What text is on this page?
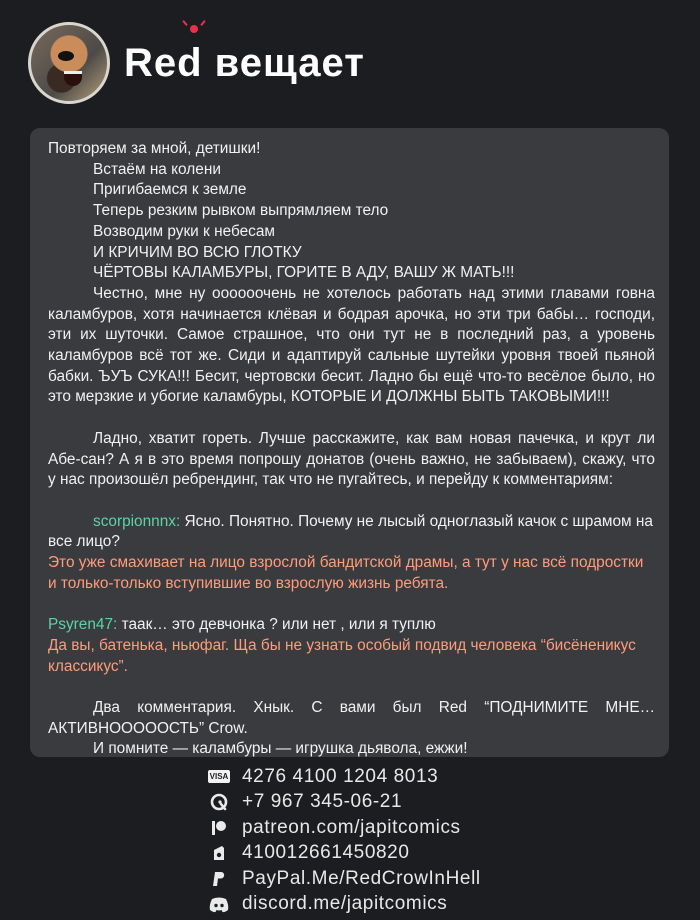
Red вещает

Повторяем за мной, детишки!

Встаём на колени

Пригибаемся к земле

Теперь резким рывком выпрямляем тело

Возводим руки к небесам

И КРИЧИМ ВО ВСЮ ГЛОТКУ

ЧЁРТОВЫ КАЛАМБУРЫ, ГОРИТЕ В АДУ, ВАШУ Ж МАТЬ!!!

Честно, мне ну оооооочень не хотелось работать над этими главами говна каламбуров, хотя начинается клёвая и бодрая арочка, но эти три бабы… господи, эти их шуточки. Самое страшное, что они тут не в последний раз, а уровень каламбуров всё тот же. Сиди и адаптируй сальные шутейки уровня твоей пьяной бабки. ЪУЪ СУКА!!! Бесит, чертовски бесит. Ладно бы ещё что-то весёлое было, но это мерзкие и убогие каламбуры, КОТОРЫЕ И ДОЛЖНЫ БЫТЬ ТАКОВЫМИ!!!

Ладно, хватит гореть. Лучше расскажите, как вам новая пачечка, и крут ли Абе-сан? А я в это время попрошу донатов (очень важно, не забываем), скажу, что у нас произошёл ребрендинг, так что не пугайтесь, и перейду к комментариям:

scorpionnnx: Ясно. Понятно. Почему не лысый одноглазый качок с шрамом на все лицо?

Это уже смахивает на лицо взрослой бандитской драмы, а тут у нас всё подростки и только-только вступившие во взрослую жизнь ребята.

Psyren47: таак… это девчонка ? или нет , или я туплю

Да вы, батенька, ньюфаг. Ща бы не узнать особый подвид человека “бисёненикус классикус”.

Два комментария. Хнык. С вами был Red “ПОДНИМИТЕ МНЕ… АКТИВНОООООСТЬ” Crow.

И помните — каламбуры — игрушка дьявола, ежжи!

VISA 4276 4100 1204 8013
+7 967 345-06-21
patreon.com/japitcomics
410012661450820
PayPal.Me/RedCrowInHell
discord.me/japitcomics
